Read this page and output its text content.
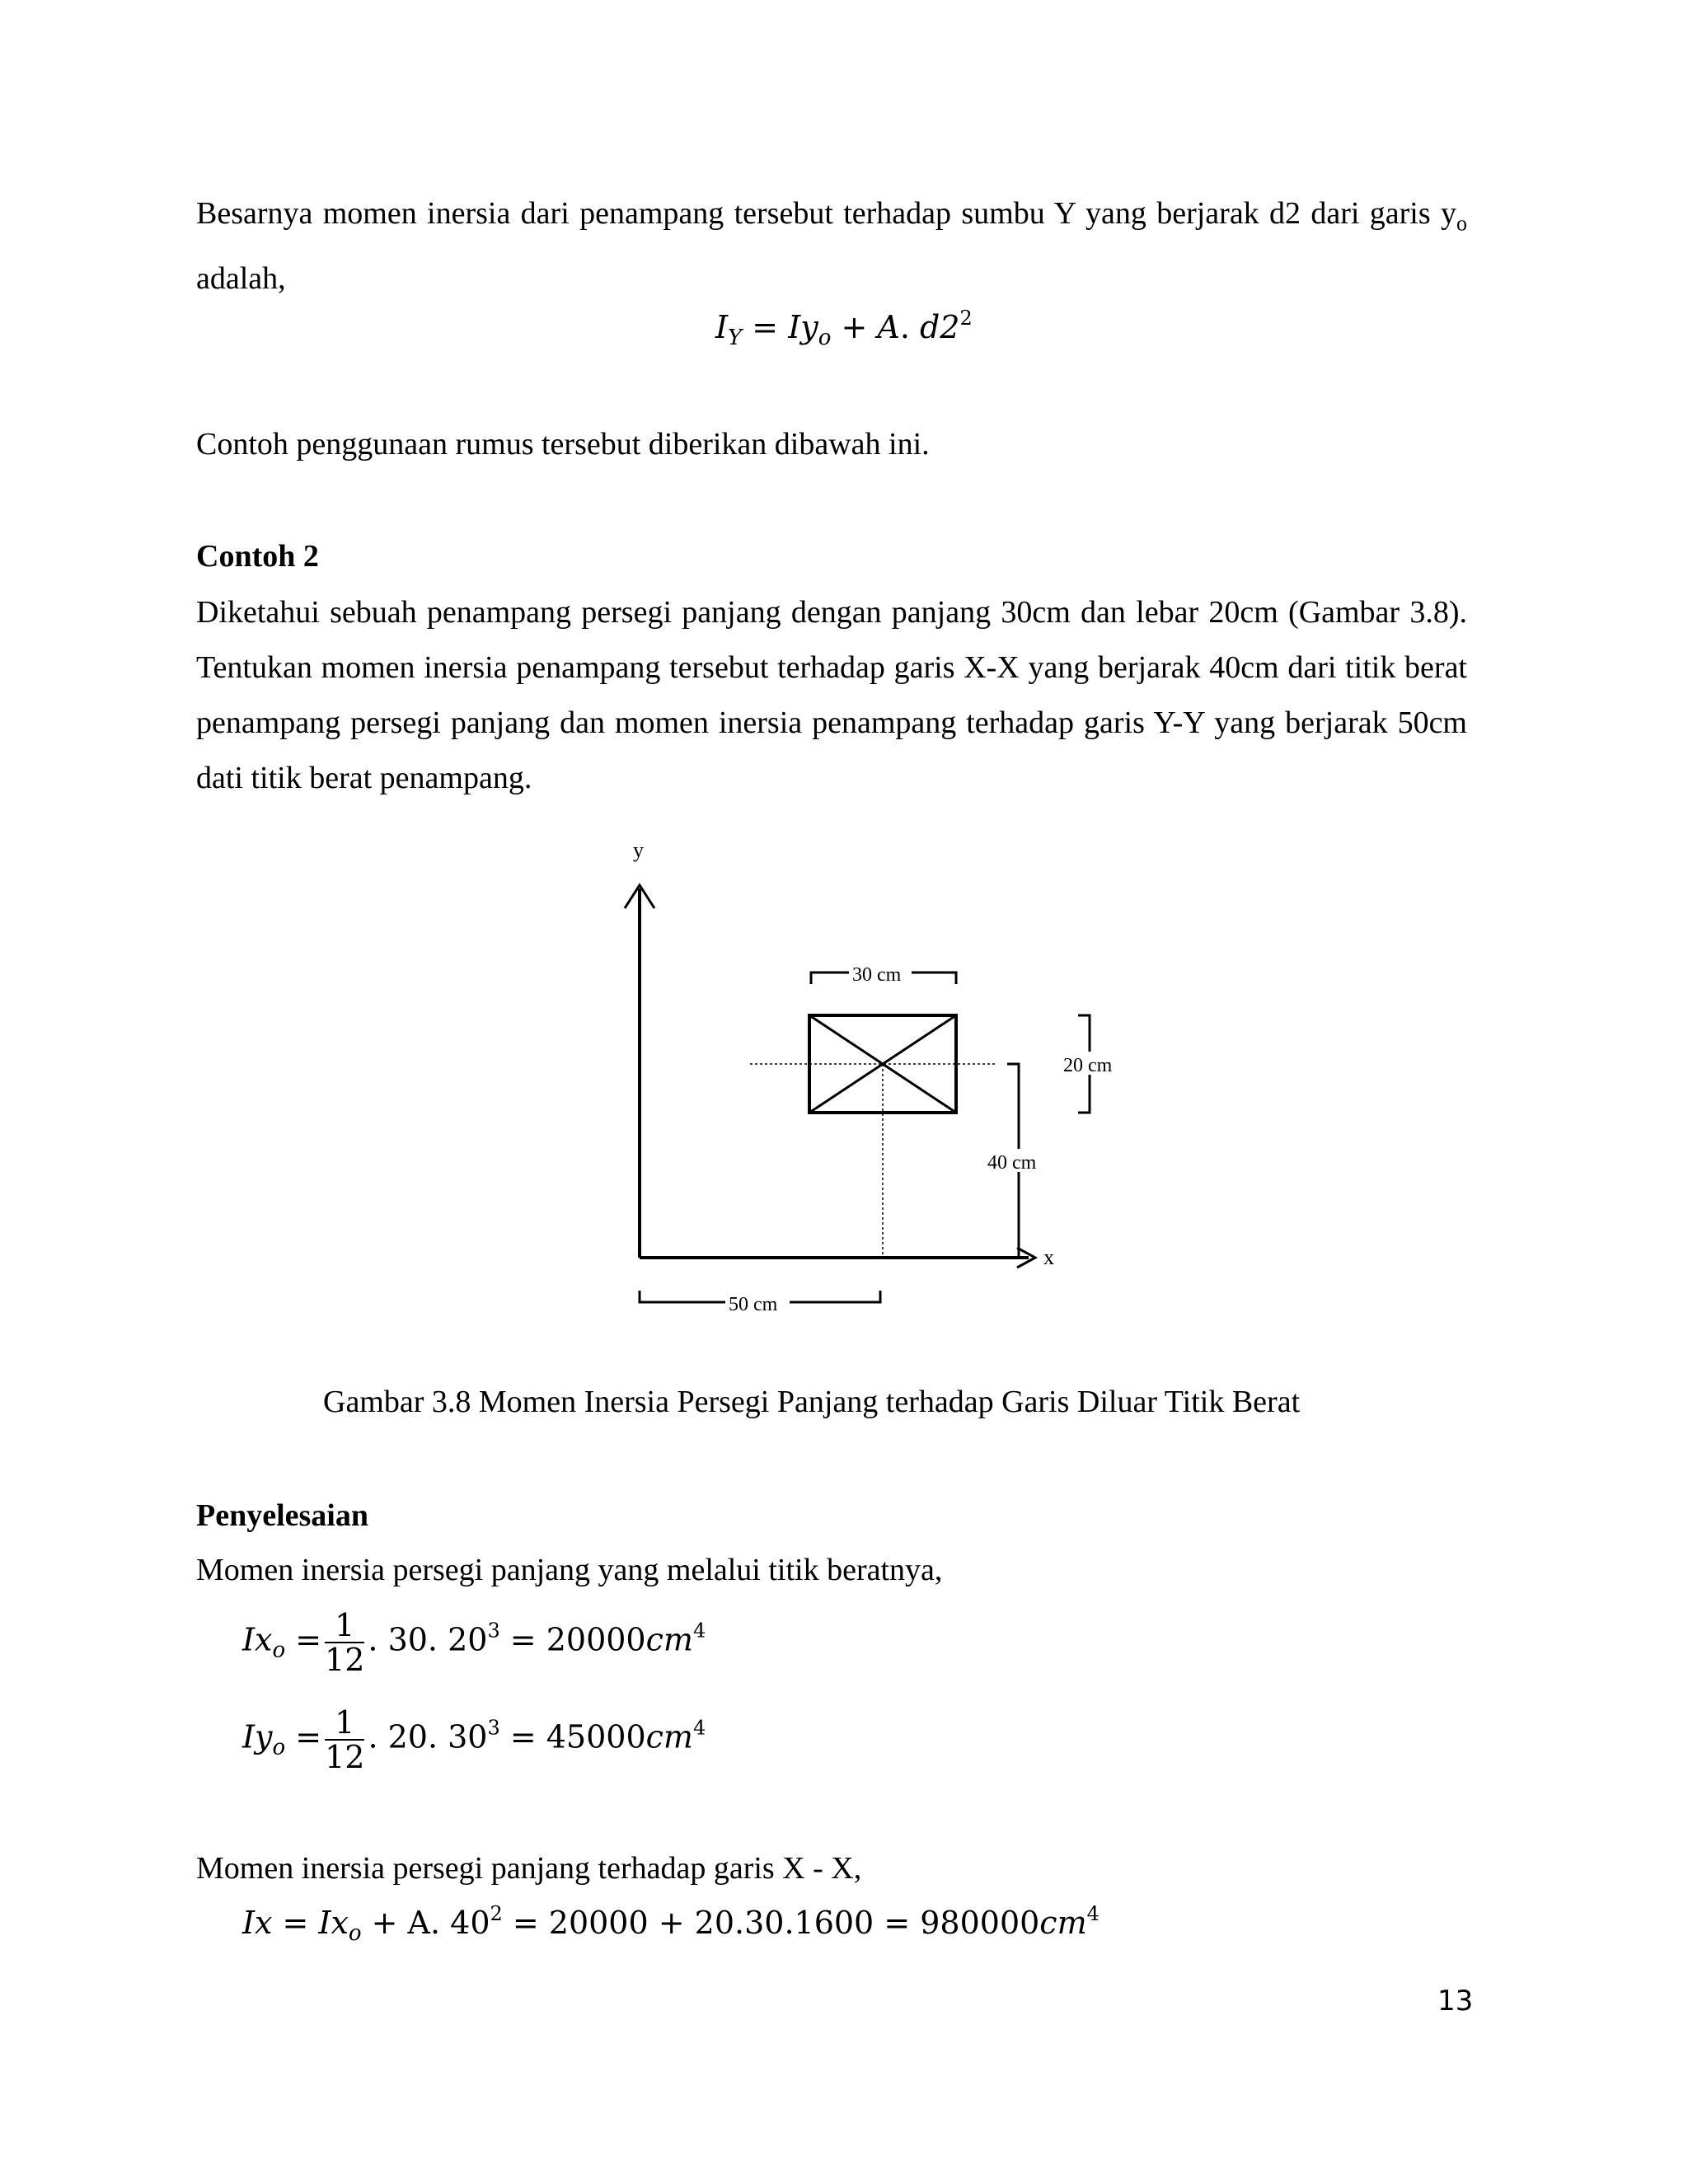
Besarnya momen inersia dari penampang tersebut terhadap sumbu Y yang berjarak d2 dari garis $y_o$ adalah,

$I_Y = Iy_o + A$. $d2^2$
Contoh penggunaan rumus tersebut diberikan dibawah ini.
Contoh 2

Diketahui sebuah penampang persegi panjang dengan panjang 30cm dan lebar 20cm (Gambar 3.8). Tentukan momen inersia penampang tersebut terhadap garis X-X yang berjarak 40cm dari titik berat penampang persegi panjang dan momen inersia penampang terhadap garis Y-Y yang berjarak 50cm dati titik berat penampang.

y
x
30 cm
20 cm
40 cm
50 cm
Gambar 3.8 Momen Inersia Persegi Panjang terhadap Garis Diluar Titik Berat
Penyelesaian
Momen inersia persegi panjang yang melalui titik beratnya,
$Ix_o = \frac{1}{12}$ . 30. $20^3 = 20000cm^4$
$Iy_o = \frac{1}{12}$ . 20. $30^3 = 45000cm^4$
Momen inersia persegi panjang terhadap garis X - X,
$Ix = Ix_o + A$. $40^2 = 20000 + 20.30.1600 = 980000cm^4$
13
